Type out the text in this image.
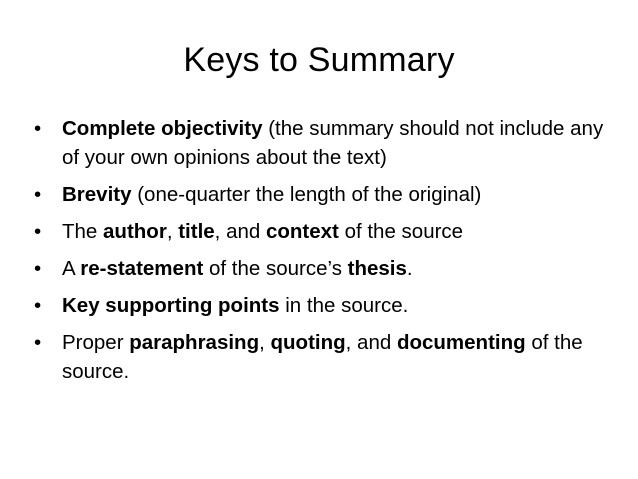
Keys to Summary
•	Complete objectivity (the summary should not include any of your own opinions about the text)
•	Brevity (one-quarter the length of the original)
•	The author, title, and context of the source
•	A re-statement of the source’s thesis.
•	Key supporting points in the source.
•	Proper paraphrasing, quoting, and documenting of the source.
